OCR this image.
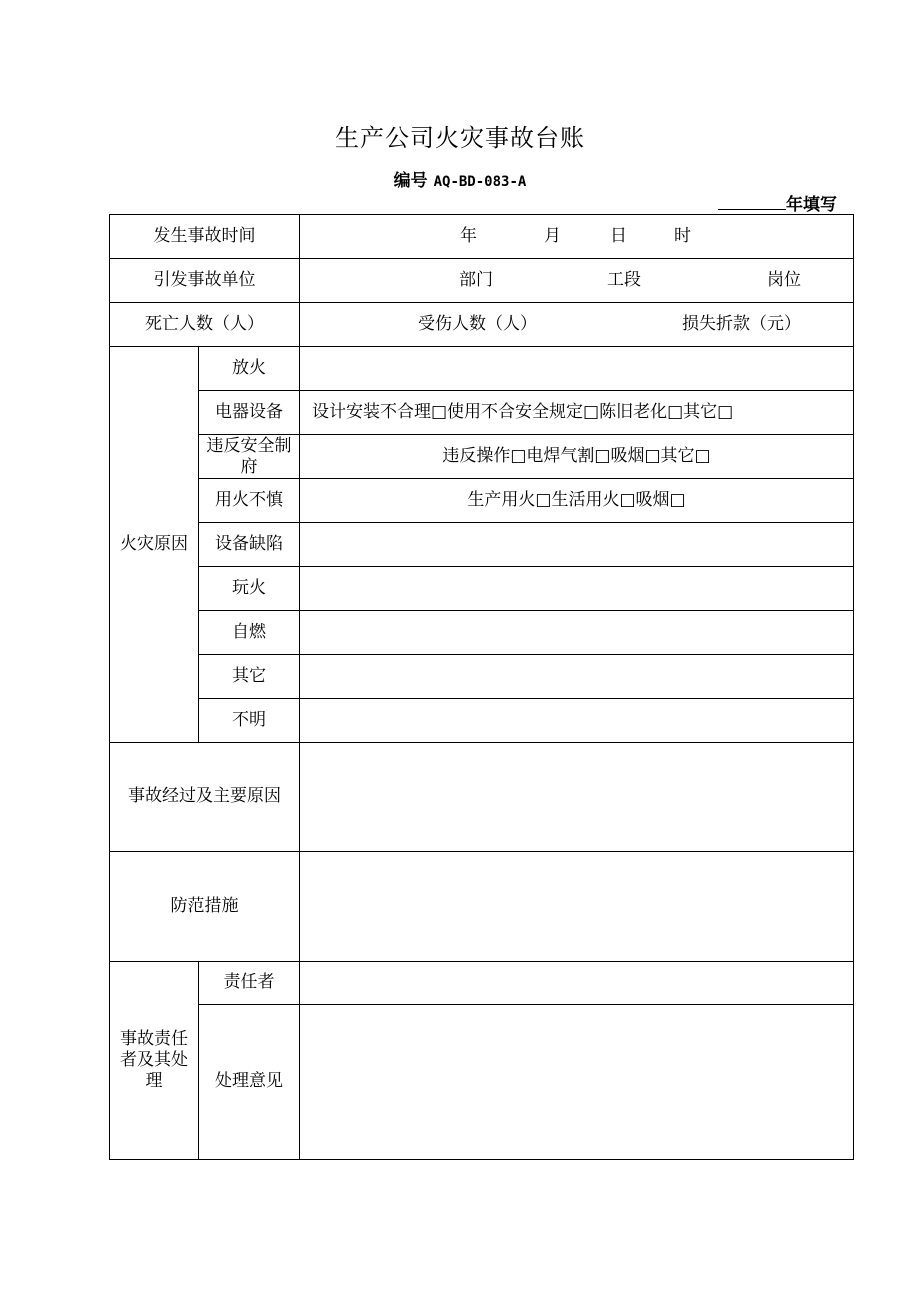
生产公司火灾事故台账
编号 AQ-BD-083-A
年填写
发生事故时间		年 月 日 时

引发事故单位		部门 工段 岗位

死亡人数（人）		受伤人数（人） 损失折款（元）

火灾原因	放火	
	电器设备	设计安装不合理□使用不合安全规定□陈旧老化□其它□
	违反安全制府	违反操作□电焊气割□吸烟□其它□
	用火不慎	生产用火□生活用火□吸烟□
	设备缺陷	
	玩火	
	自燃	
	其它	
	不明	
事故经过及主要原因		
防范措施		
事故责任者及其处理	责任者	
	处理意见	
